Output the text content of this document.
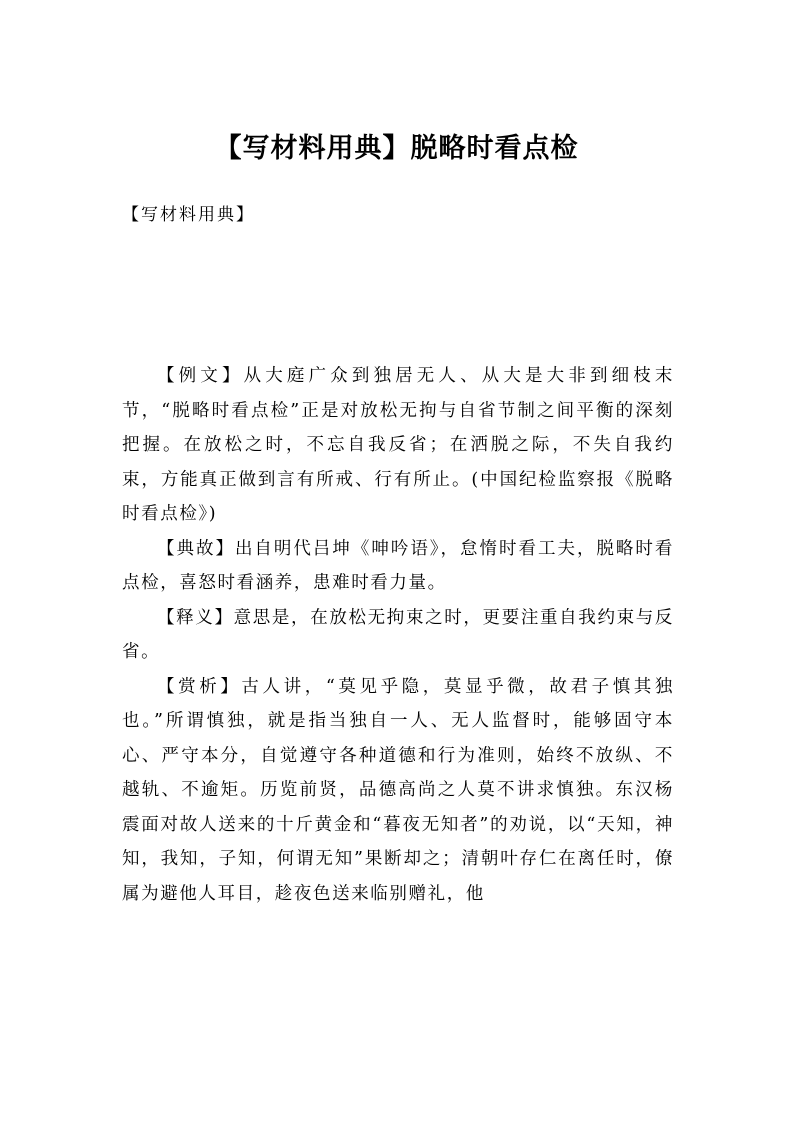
【写材料用典】脱略时看点检
【写材料用典】

【例文】从大庭广众到独居无人、从大是大非到细枝末节，“脱略时看点检”正是对放松无拘与自省节制之间平衡的深刻把握。在放松之时，不忘自我反省；在洒脱之际，不失自我约束，方能真正做到言有所戒、行有所止。(中国纪检监察报《脱略时看点检》)

【典故】出自明代吕坤《呻吟语》，怠惰时看工夫，脱略时看点检，喜怒时看涵养，患难时看力量。

【释义】意思是，在放松无拘束之时，更要注重自我约束与反省。

【赏析】古人讲，“莫见乎隐，莫显乎微，故君子慎其独也。”所谓慎独，就是指当独自一人、无人监督时，能够固守本心、严守本分，自觉遵守各种道德和行为准则，始终不放纵、不越轨、不逾矩。历览前贤，品德高尚之人莫不讲求慎独。东汉杨震面对故人送来的十斤黄金和“暮夜无知者”的劝说，以“天知，神知，我知，子知，何谓无知”果断却之；清朝叶存仁在离任时，僚属为避他人耳目，趁夜色送来临别赠礼，他
